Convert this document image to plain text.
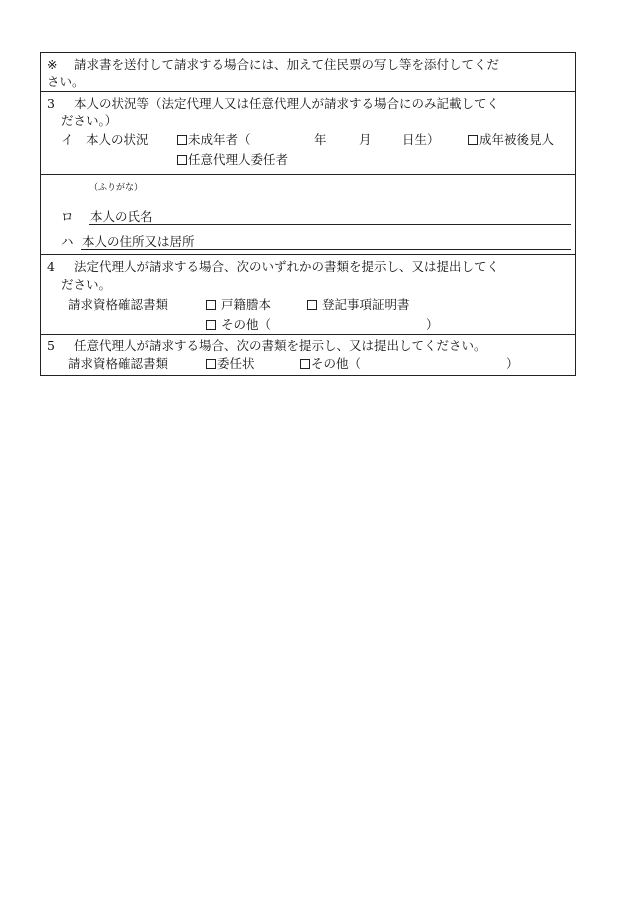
※ 請求書を送付して請求する場合には、加えて住民票の写し等を添付してくだ
さい。
3 本人の状況等（法定代理人又は任意代理人が請求する場合にのみ記載してく
ださい。）
イ　本人の状況	未成年者（	年	月 日生）	成年被後見人
任意代理人委任者
（ふりがな）
ロ 本人の氏名
ハ 本人の住所又は居所
4 法定代理人が請求する場合、次のいずれかの書類を提示し、又は提出してく
ださい。
請求資格確認書類	戸籍謄本	登記事項証明書
その他（	）
5 任意代理人が請求する場合、次の書類を提示し、又は提出してください。
請求資格確認書類	委任状	その他（	）
